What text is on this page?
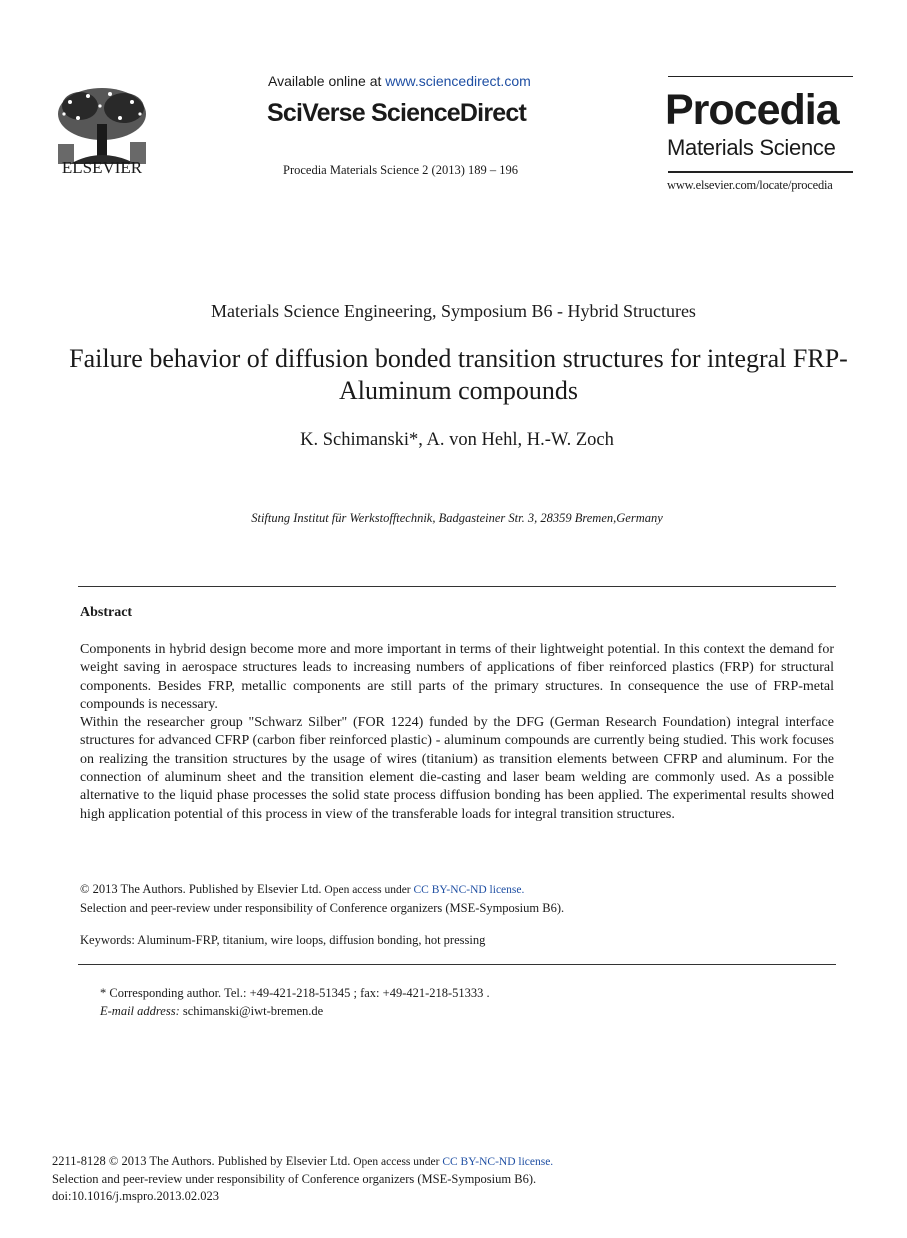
ELSEVIER
Available online at www.sciencedirect.com
SciVerse ScienceDirect
Procedia Materials Science 2 (2013) 189 – 196
Procedia
Materials Science
www.elsevier.com/locate/procedia
Materials Science Engineering, Symposium B6 - Hybrid Structures
Failure behavior of diffusion bonded transition structures for integral FRP-Aluminum compounds
K. Schimanski*, A. von Hehl, H.-W. Zoch
Stiftung Institut für Werkstofftechnik, Badgasteiner Str. 3, 28359 Bremen,Germany
Abstract

Components in hybrid design become more and more important in terms of their lightweight potential. In this context the demand for weight saving in aerospace structures leads to increasing numbers of applications of fiber reinforced plastics (FRP) for structural components. Besides FRP, metallic components are still parts of the primary structures. In consequence the use of FRP-metal compounds is necessary.

Within the researcher group "Schwarz Silber" (FOR 1224) funded by the DFG (German Research Foundation) integral interface structures for advanced CFRP (carbon fiber reinforced plastic) - aluminum compounds are currently being studied. This work focuses on realizing the transition structures by the usage of wires (titanium) as transition elements between CFRP and aluminum. For the connection of aluminum sheet and the transition element die-casting and laser beam welding are commonly used. As a possible alternative to the liquid phase processes the solid state process diffusion bonding has been applied. The experimental results showed high application potential of this process in view of the transferable loads for integral transition structures.

© 2013 The Authors. Published by Elsevier Ltd. Open access under CC BY-NC-ND license.
Selection and peer-review under responsibility of Conference organizers (MSE-Symposium B6).
Keywords: Aluminum-FRP, titanium, wire loops, diffusion bonding, hot pressing
* Corresponding author. Tel.: +49-421-218-51345 ; fax: +49-421-218-51333 .
E-mail address: schimanski@iwt-bremen.de
2211-8128 © 2013 The Authors. Published by Elsevier Ltd. Open access under CC BY-NC-ND license.
Selection and peer-review under responsibility of Conference organizers (MSE-Symposium B6).
doi:10.1016/j.mspro.2013.02.023
